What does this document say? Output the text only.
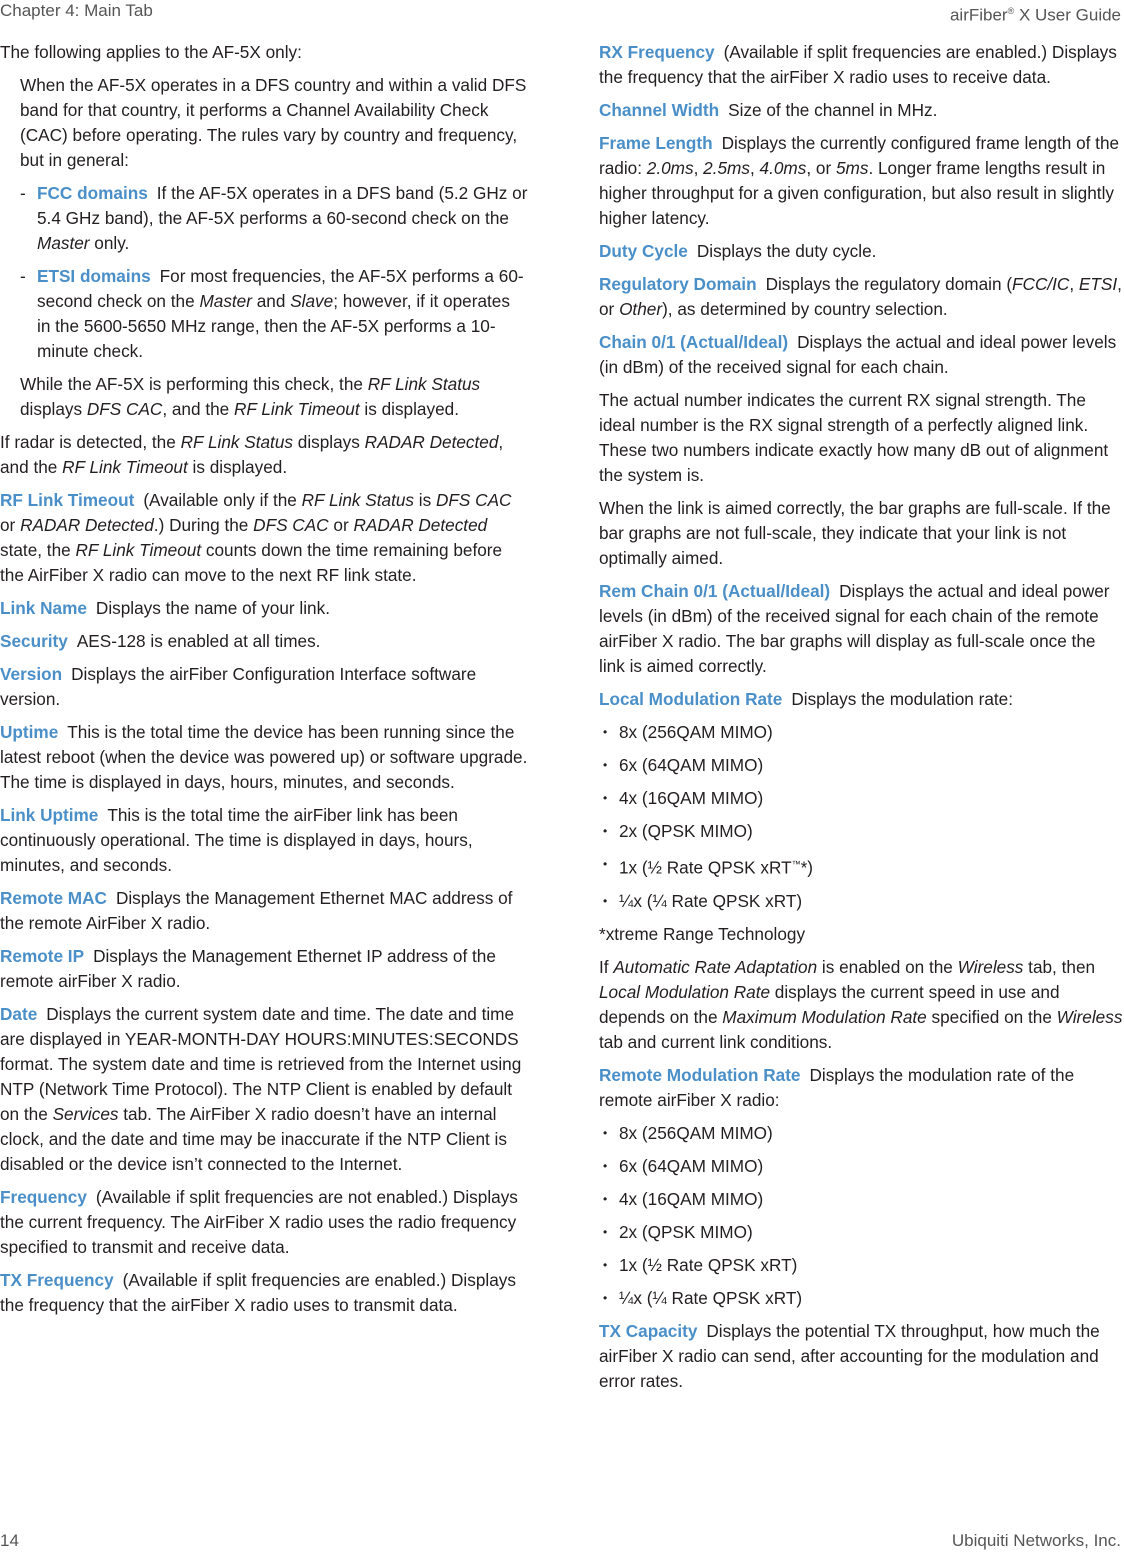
Chapter 4: Main Tab	airFiber® X User Guide

The following applies to the AF-5X only:

When the AF-5X operates in a DFS country and within a valid DFS band for that country, it performs a Channel Availability Check (CAC) before operating. The rules vary by country and frequency, but in general:

- FCC domains If the AF-5X operates in a DFS band (5.2 GHz or 5.4 GHz band), the AF-5X performs a 60-second check on the Master only.

- ETSI domains For most frequencies, the AF-5X performs a 60-second check on the Master and Slave; however, if it operates in the 5600-5650 MHz range, then the AF-5X performs a 10-minute check.

While the AF-5X is performing this check, the RF Link Status displays DFS CAC, and the RF Link Timeout is displayed.

If radar is detected, the RF Link Status displays RADAR Detected, and the RF Link Timeout is displayed.

RF Link Timeout (Available only if the RF Link Status is DFS CAC or RADAR Detected.) During the DFS CAC or RADAR Detected state, the RF Link Timeout counts down the time remaining before the AirFiber X radio can move to the next RF link state.

Link Name Displays the name of your link.

Security AES-128 is enabled at all times.

Version Displays the airFiber Configuration Interface software version.

Uptime This is the total time the device has been running since the latest reboot (when the device was powered up) or software upgrade. The time is displayed in days, hours, minutes, and seconds.

Link Uptime This is the total time the airFiber link has been continuously operational. The time is displayed in days, hours, minutes, and seconds.

Remote MAC Displays the Management Ethernet MAC address of the remote AirFiber X radio.

Remote IP Displays the Management Ethernet IP address of the remote airFiber X radio.

Date Displays the current system date and time. The date and time are displayed in YEAR-MONTH-DAY HOURS:MINUTES:SECONDS format. The system date and time is retrieved from the Internet using NTP (Network Time Protocol). The NTP Client is enabled by default on the Services tab. The AirFiber X radio doesn’t have an internal clock, and the date and time may be inaccurate if the NTP Client is disabled or the device isn’t connected to the Internet.

Frequency (Available if split frequencies are not enabled.) Displays the current frequency. The AirFiber X radio uses the radio frequency specified to transmit and receive data.

TX Frequency (Available if split frequencies are enabled.) Displays the frequency that the airFiber X radio uses to transmit data.

RX Frequency (Available if split frequencies are enabled.) Displays the frequency that the airFiber X radio uses to receive data.

Channel Width Size of the channel in MHz.

Frame Length Displays the currently configured frame length of the radio: 2.0ms, 2.5ms, 4.0ms, or 5ms. Longer frame lengths result in higher throughput for a given configuration, but also result in slightly higher latency.

Duty Cycle Displays the duty cycle.

Regulatory Domain Displays the regulatory domain (FCC/IC, ETSI, or Other), as determined by country selection.

Chain 0/1 (Actual/Ideal) Displays the actual and ideal power levels (in dBm) of the received signal for each chain.

The actual number indicates the current RX signal strength. The ideal number is the RX signal strength of a perfectly aligned link. These two numbers indicate exactly how many dB out of alignment the system is.

When the link is aimed correctly, the bar graphs are full-scale. If the bar graphs are not full-scale, they indicate that your link is not optimally aimed.

Rem Chain 0/1 (Actual/Ideal) Displays the actual and ideal power levels (in dBm) of the received signal for each chain of the remote airFiber X radio. The bar graphs will display as full-scale once the link is aimed correctly.

Local Modulation Rate Displays the modulation rate:

• 8x (256QAM MIMO)
• 6x (64QAM MIMO)
• 4x (16QAM MIMO)
• 2x (QPSK MIMO)
• 1x (½ Rate QPSK xRT™*)
• ¼x (¼ Rate QPSK xRT)

*xtreme Range Technology

If Automatic Rate Adaptation is enabled on the Wireless tab, then Local Modulation Rate displays the current speed in use and depends on the Maximum Modulation Rate specified on the Wireless tab and current link conditions.

Remote Modulation Rate Displays the modulation rate of the remote airFiber X radio:

• 8x (256QAM MIMO)
• 6x (64QAM MIMO)
• 4x (16QAM MIMO)
• 2x (QPSK MIMO)
• 1x (½ Rate QPSK xRT)
• ¼x (¼ Rate QPSK xRT)

TX Capacity Displays the potential TX throughput, how much the airFiber X radio can send, after accounting for the modulation and error rates.

14	Ubiquiti Networks, Inc.
